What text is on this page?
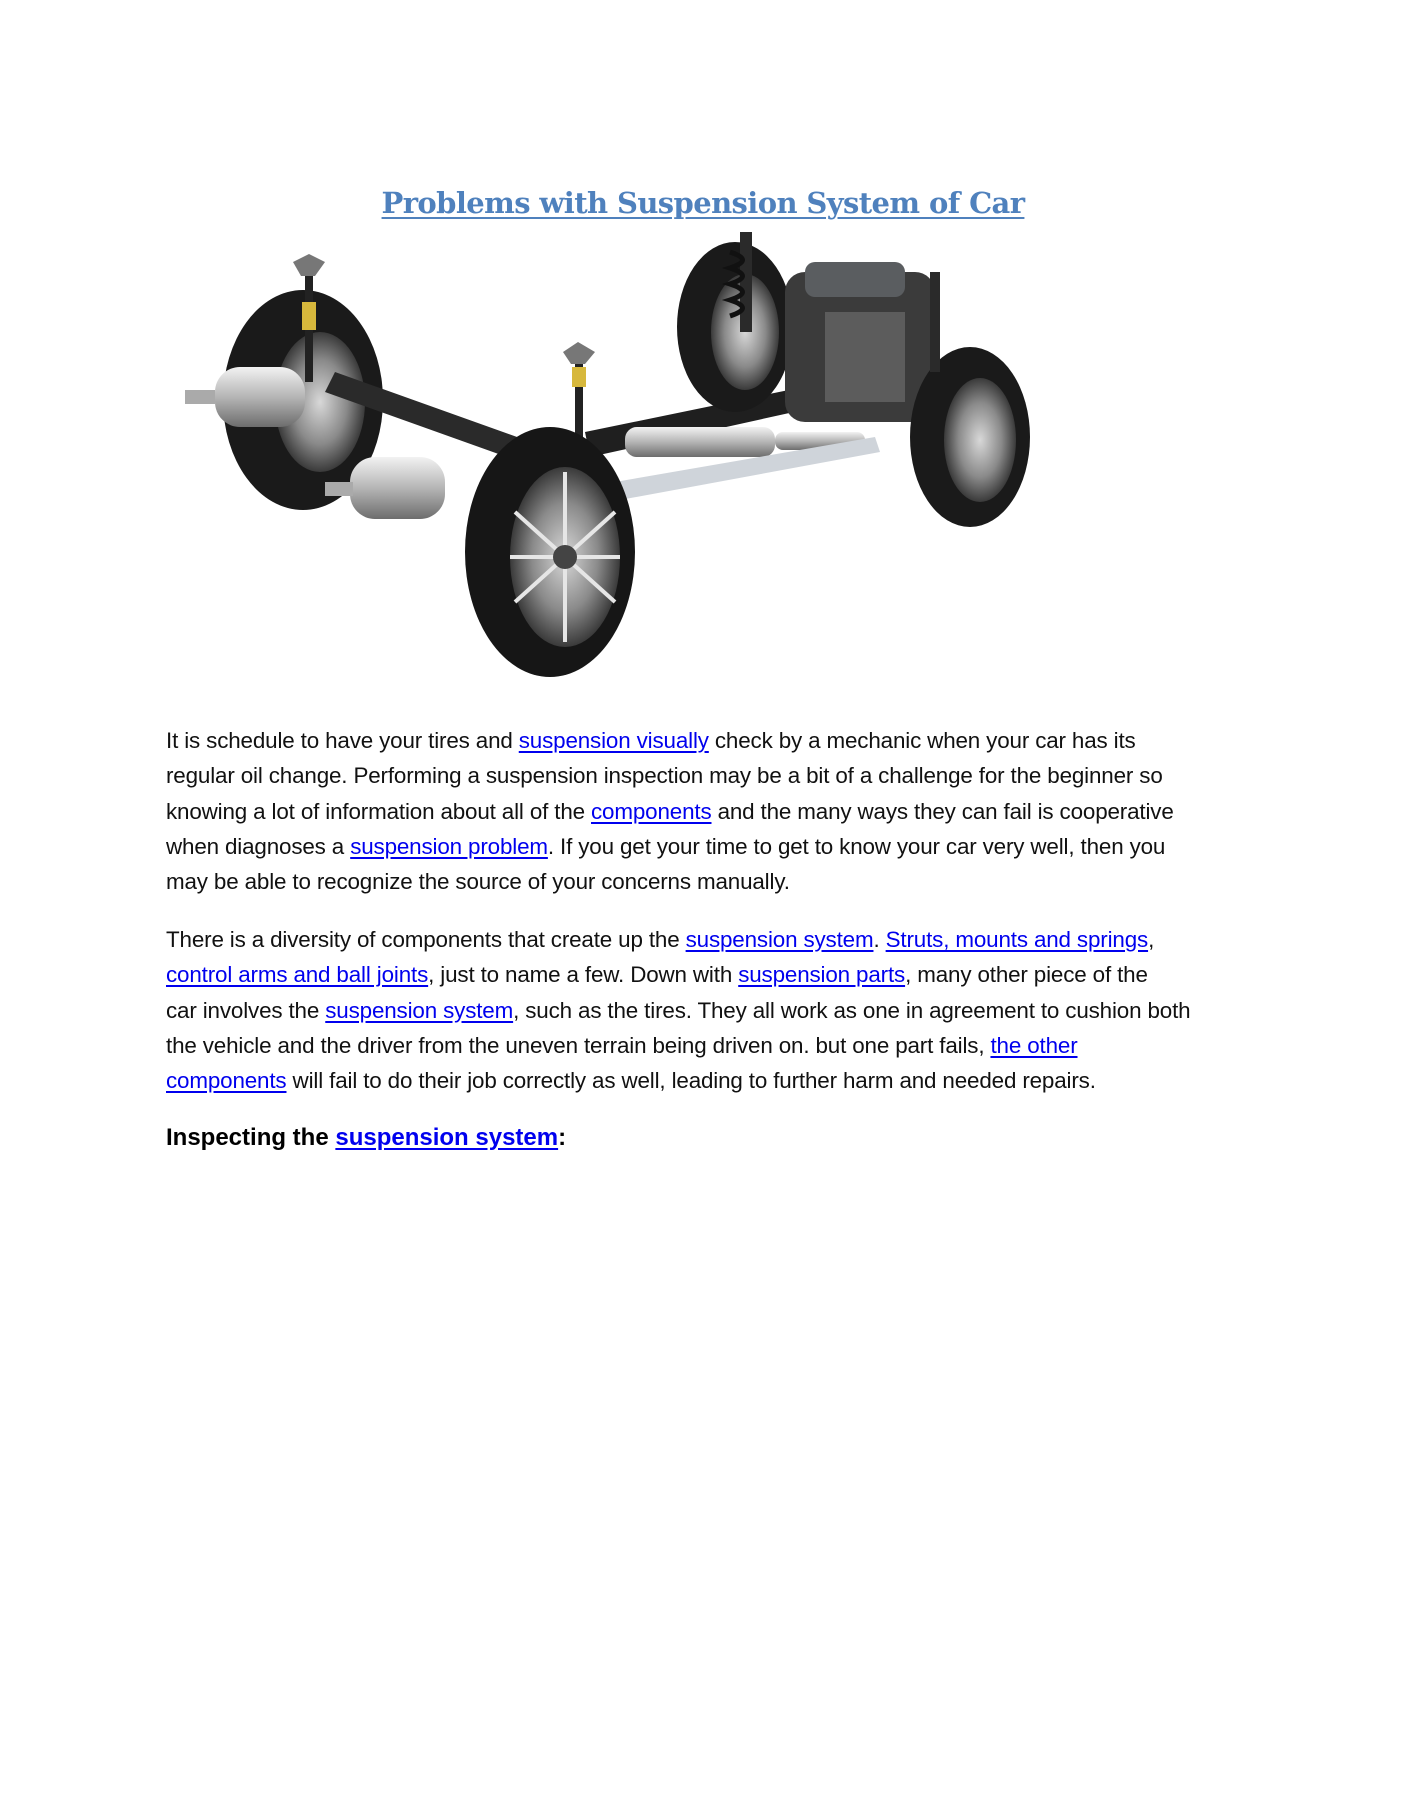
Problems with Suspension System of Car
It is schedule to have your tires and suspension visually check by a mechanic when your car has its
regular oil change. Performing a suspension inspection may be a bit of a challenge for the beginner so
knowing a lot of information about all of the components and the many ways they can fail is cooperative
when diagnoses a suspension problem. If you get your time to get to know your car very well, then you
may be able to recognize the source of your concerns manually.
There is a diversity of components that create up the suspension system. Struts, mounts and springs,
control arms and ball joints, just to name a few. Down with suspension parts, many other piece of the
car involves the suspension system, such as the tires. They all work as one in agreement to cushion both
the vehicle and the driver from the uneven terrain being driven on. but one part fails, the other
components will fail to do their job correctly as well, leading to further harm and needed repairs.
Inspecting the suspension system:
